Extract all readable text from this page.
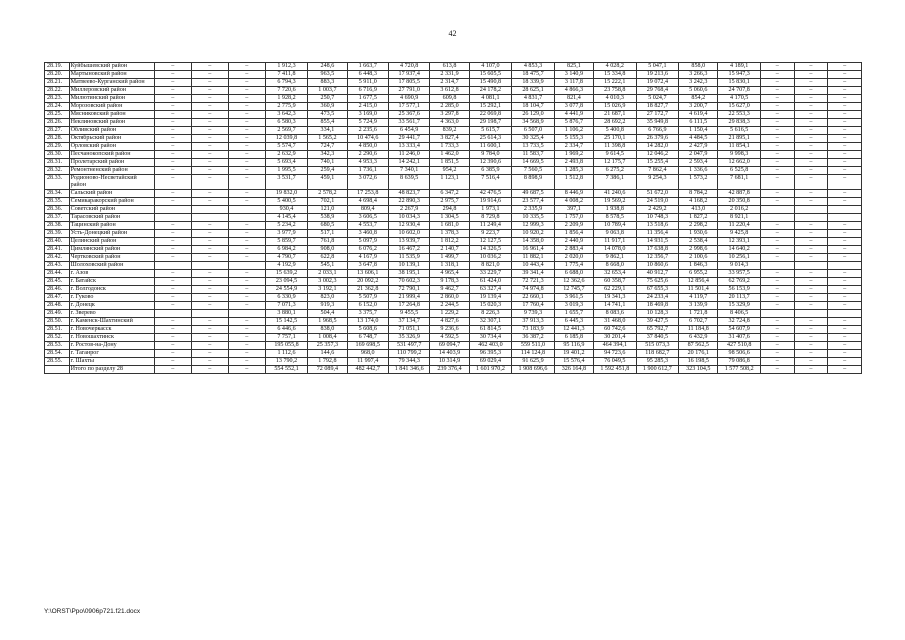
42
28.19.	Куйбышевский район	–	–	–	1 912,3	248,6	1 663,7	4 720,8	613,8	4 107,0	4 853,3	825,1	4 028,2	5 047,1	858,0	4 189,1	–	–	–
28.20.	Мартыновский район	–	–	–	7 411,8	963,5	6 448,3	17 937,4	2 331,9	15 605,5	18 475,7	3 140,9	15 334,8	19 213,6	3 266,3	15 947,3	–	–	–
28.21.	Матвеево-Курганский район	–	–	–	6 794,3	883,3	5 911,0	17 805,5	2 314,7	15 490,8	18 339,9	3 117,8	15 222,1	19 072,4	3 242,3	15 830,1	–	–	–
28.22.	Миллеровский район	–	–	–	7 720,6	1 003,7	6 716,9	27 791,0	3 612,8	24 178,2	28 625,1	4 866,3	23 758,8	29 768,4	5 060,6	24 707,8	–	–	–
28.23.	Милютинский район	–	–	–	1 928,2	250,7	1 677,5	4 690,9	609,8	4 081,1	4 831,7	821,4	4 010,3	5 024,7	854,2	4 170,5	–	–	–
28.24.	Морозовский район	–	–	–	2 775,9	360,9	2 415,0	17 577,1	2 285,0	15 292,1	18 104,7	3 077,8	15 026,9	18 827,7	3 200,7	15 627,0	–	–	–
28.25.	Мясниковский район	–	–	–	3 642,3	473,5	3 169,0	25 367,6	3 297,8	22 069,8	26 129,0	4 441,9	21 687,1	27 172,7	4 619,4	22 553,3	–	–	–
28.26.	Неклиновский район	–	–	–	6 580,3	855,4	5 724,9	33 561,7	4 363,0	29 198,7	34 568,9	5 876,7	28 692,2	35 949,8	6 111,5	29 838,3	–	–	–
28.27.	Обливский район	–	–	–	2 569,7	334,1	2 235,6	6 454,9	839,2	5 615,7	6 507,0	1 106,2	5 400,8	6 766,9	1 150,4	5 616,5	–	–	–
28.28.	Октябрьский район	–	–	–	12 039,8	1 565,2	10 474,6	29 441,7	3 827,4	25 614,3	30 325,4	5 155,3	25 170,1	26 379,6	4 484,5	21 895,1	–	–	–
28.29.	Орловский район	–	–	–	5 574,7	724,7	4 850,0	13 333,4	1 733,3	11 600,1	13 733,5	2 334,7	11 398,8	14 282,0	2 427,9	11 854,1	–	–	–
28.30.	Песчанокопский район	–	–	–	2 632,9	342,3	2 290,6	11 246,0	1 462,0	9 784,0	11 583,7	1 969,2	9 614,5	12 046,2	2 047,9	9 998,3	–	–	–
28.31.	Пролетарский район	–	–	–	5 693,4	740,1	4 953,3	14 242,1	1 851,5	12 390,6	14 669,5	2 493,8	12 175,7	15 255,4	2 593,4	12 662,0	–	–	–
28.32.	Ремонтненский район	–	–	–	1 995,5	259,4	1 736,1	7 340,1	954,2	6 385,9	7 560,5	1 285,3	6 275,2	7 862,4	1 336,6	6 525,8	–	–	–
28.33.	Родионово-Несветайский район	–	–	–	3 531,7	459,1	3 072,6	8 639,5	1 123,1	7 516,4	8 898,9	1 512,8	7 386,1	9 254,3	1 573,2	7 681,1	–	–	–
28.34.	Сальский район	–	–	–	19 832,0	2 578,2	17 253,8	48 823,7	6 347,2	42 476,5	49 687,5	8 446,9	41 240,6	51 672,0	8 784,2	42 887,8	–	–	–
28.35.	Семикаракорский район	–	–	–	5 400,5	702,1	4 698,4	22 890,3	2 975,7	19 914,6	23 577,4	4 008,2	19 569,2	24 519,0	4 168,2	20 350,8	–	–	–
28.36.	Советский район				930,4	121,0	809,4	2 267,9	294,8	1 973,1	2 335,9	397,1	1 938,8	2 429,2	413,0	2 016,2			
28.37.	Тарасовский район				4 145,4	538,9	3 606,5	10 034,3	1 304,5	8 729,8	10 335,5	1 757,0	8 578,5	10 748,3	1 827,2	8 921,1			
28.38.	Тацинский район	–	–	–	5 234,2	680,5	4 553,7	12 930,4	1 681,0	11 249,4	12 999,3	2 209,9	10 789,4	13 518,6	2 298,2	11 220,4	–	–	–
28.39.	Усть-Донецкий район	–	–	–	3 977,9	517,1	3 460,8	10 602,0	1 378,3	9 223,7	10 920,2	1 856,4	9 063,8	11 356,4	1 930,6	9 425,8	–	–	–
28.40.	Целинский район	–	–	–	5 859,7	761,8	5 097,9	13 939,7	1 812,2	12 127,5	14 358,0	2 440,9	11 917,1	14 931,5	2 538,4	12 393,1	–	–	–
28.41.	Цимлянский район	–	–	–	6 984,2	908,0	6 076,2	16 467,2	2 140,7	14 326,5	16 961,4	2 883,4	14 078,0	17 638,8	2 998,6	14 640,2	–	–	–
28.42.	Чертковский район	–	–	–	4 790,7	622,8	4 167,9	11 535,9	1 499,7	10 036,2	11 882,1	2 020,0	9 862,1	12 356,7	2 100,6	10 256,1	–	–	–
28.43.	Шолоховский район				4 192,9	545,1	3 647,8	10 139,1	1 318,1	8 821,0	10 443,4	1 775,4	8 668,0	10 860,6	1 846,3	9 014,3			
28.44.	г. Азов	–	–	–	15 639,2	2 033,1	13 606,1	38 195,1	4 965,4	33 229,7	39 341,4	6 688,0	32 653,4	40 912,7	6 955,2	33 957,5	–	–	–
28.45.	г. Батайск	–	–	–	23 094,5	3 002,3	20 092,2	70 602,3	9 178,3	61 424,0	72 721,3	12 362,6	60 358,7	75 625,6	12 856,4	62 769,2	–	–	–
28.46.	г. Волгодонск	–	–	–	24 554,9	3 192,1	21 362,8	72 790,1	9 462,7	63 327,4	74 974,8	12 745,7	62 229,1	67 655,3	11 501,4	56 153,9	–	–	–
28.47.	г. Гуково	–	–	–	6 330,9	823,0	5 507,9	21 999,4	2 860,0	19 139,4	22 660,1	3 961,5	19 341,3	24 233,4	4 119,7	20 113,7	–	–	–
28.48.	г. Донецк	–	–	–	7 071,3	919,3	6 152,0	17 264,8	2 244,5	15 020,3	17 760,4	3 019,3	14 741,1	18 469,8	3 139,9	15 329,9	–	–	–
28.49.	г. Зверево				3 880,1	504,4	3 375,7	9 455,5	1 229,2	8 226,3	9 739,3	1 655,7	8 083,6	10 128,3	1 721,8	8 406,5			
28.50.	г. Каменск-Шахтинский	–	–	–	15 142,5	1 968,5	13 174,0	37 134,7	4 827,6	32 307,1	37 913,3	6 445,3	31 468,0	39 427,5	6 702,7	32 724,8	–	–	–
28.51.	г. Новочеркасск	–	–	–	6 446,6	838,0	5 608,6	71 051,1	9 236,6	61 814,5	73 183,9	12 441,3	60 742,6	65 792,7	11 184,8	54 607,9	–	–	–
28.52.	г. Новошахтинск	–	–	–	7 757,1	1 008,4	6 748,7	35 326,9	4 592,5	30 734,4	36 387,2	6 185,8	30 201,4	37 840,5	6 432,9	31 407,6	–	–	–
28.53.	г. Ростов-на-Дону	–	–	–	195 055,8	25 357,3	169 698,5	531 497,7	69 094,7	462 403,0	559 511,0	95 116,9	464 394,1	515 073,3	87 562,5	427 510,8	–	–	–
28.54.	г. Таганрог	–	–	–	1 112,6	144,6	968,0	110 799,2	14 403,9	96 395,3	114 124,8	19 401,2	94 723,6	118 682,7	20 176,1	98 506,6	–	–	–
28.55.	г. Шахты	–	–	–	13 790,2	1 792,8	11 997,4	79 344,3	10 314,9	69 029,4	91 625,9	15 576,4	76 049,5	95 285,3	16 198,5	79 086,8	–	–	–
	Итого по разделу 28	–	–	–	554 552,1	72 089,4	482 442,7	1 841 346,6	239 376,4	1 601 970,2	1 908 696,6	326 164,8	1 592 451,8	1 900 612,7	323 104,5	1 577 508,2	–	–	–
Y:\ORST\Ppo\0906p721.f21.docx
